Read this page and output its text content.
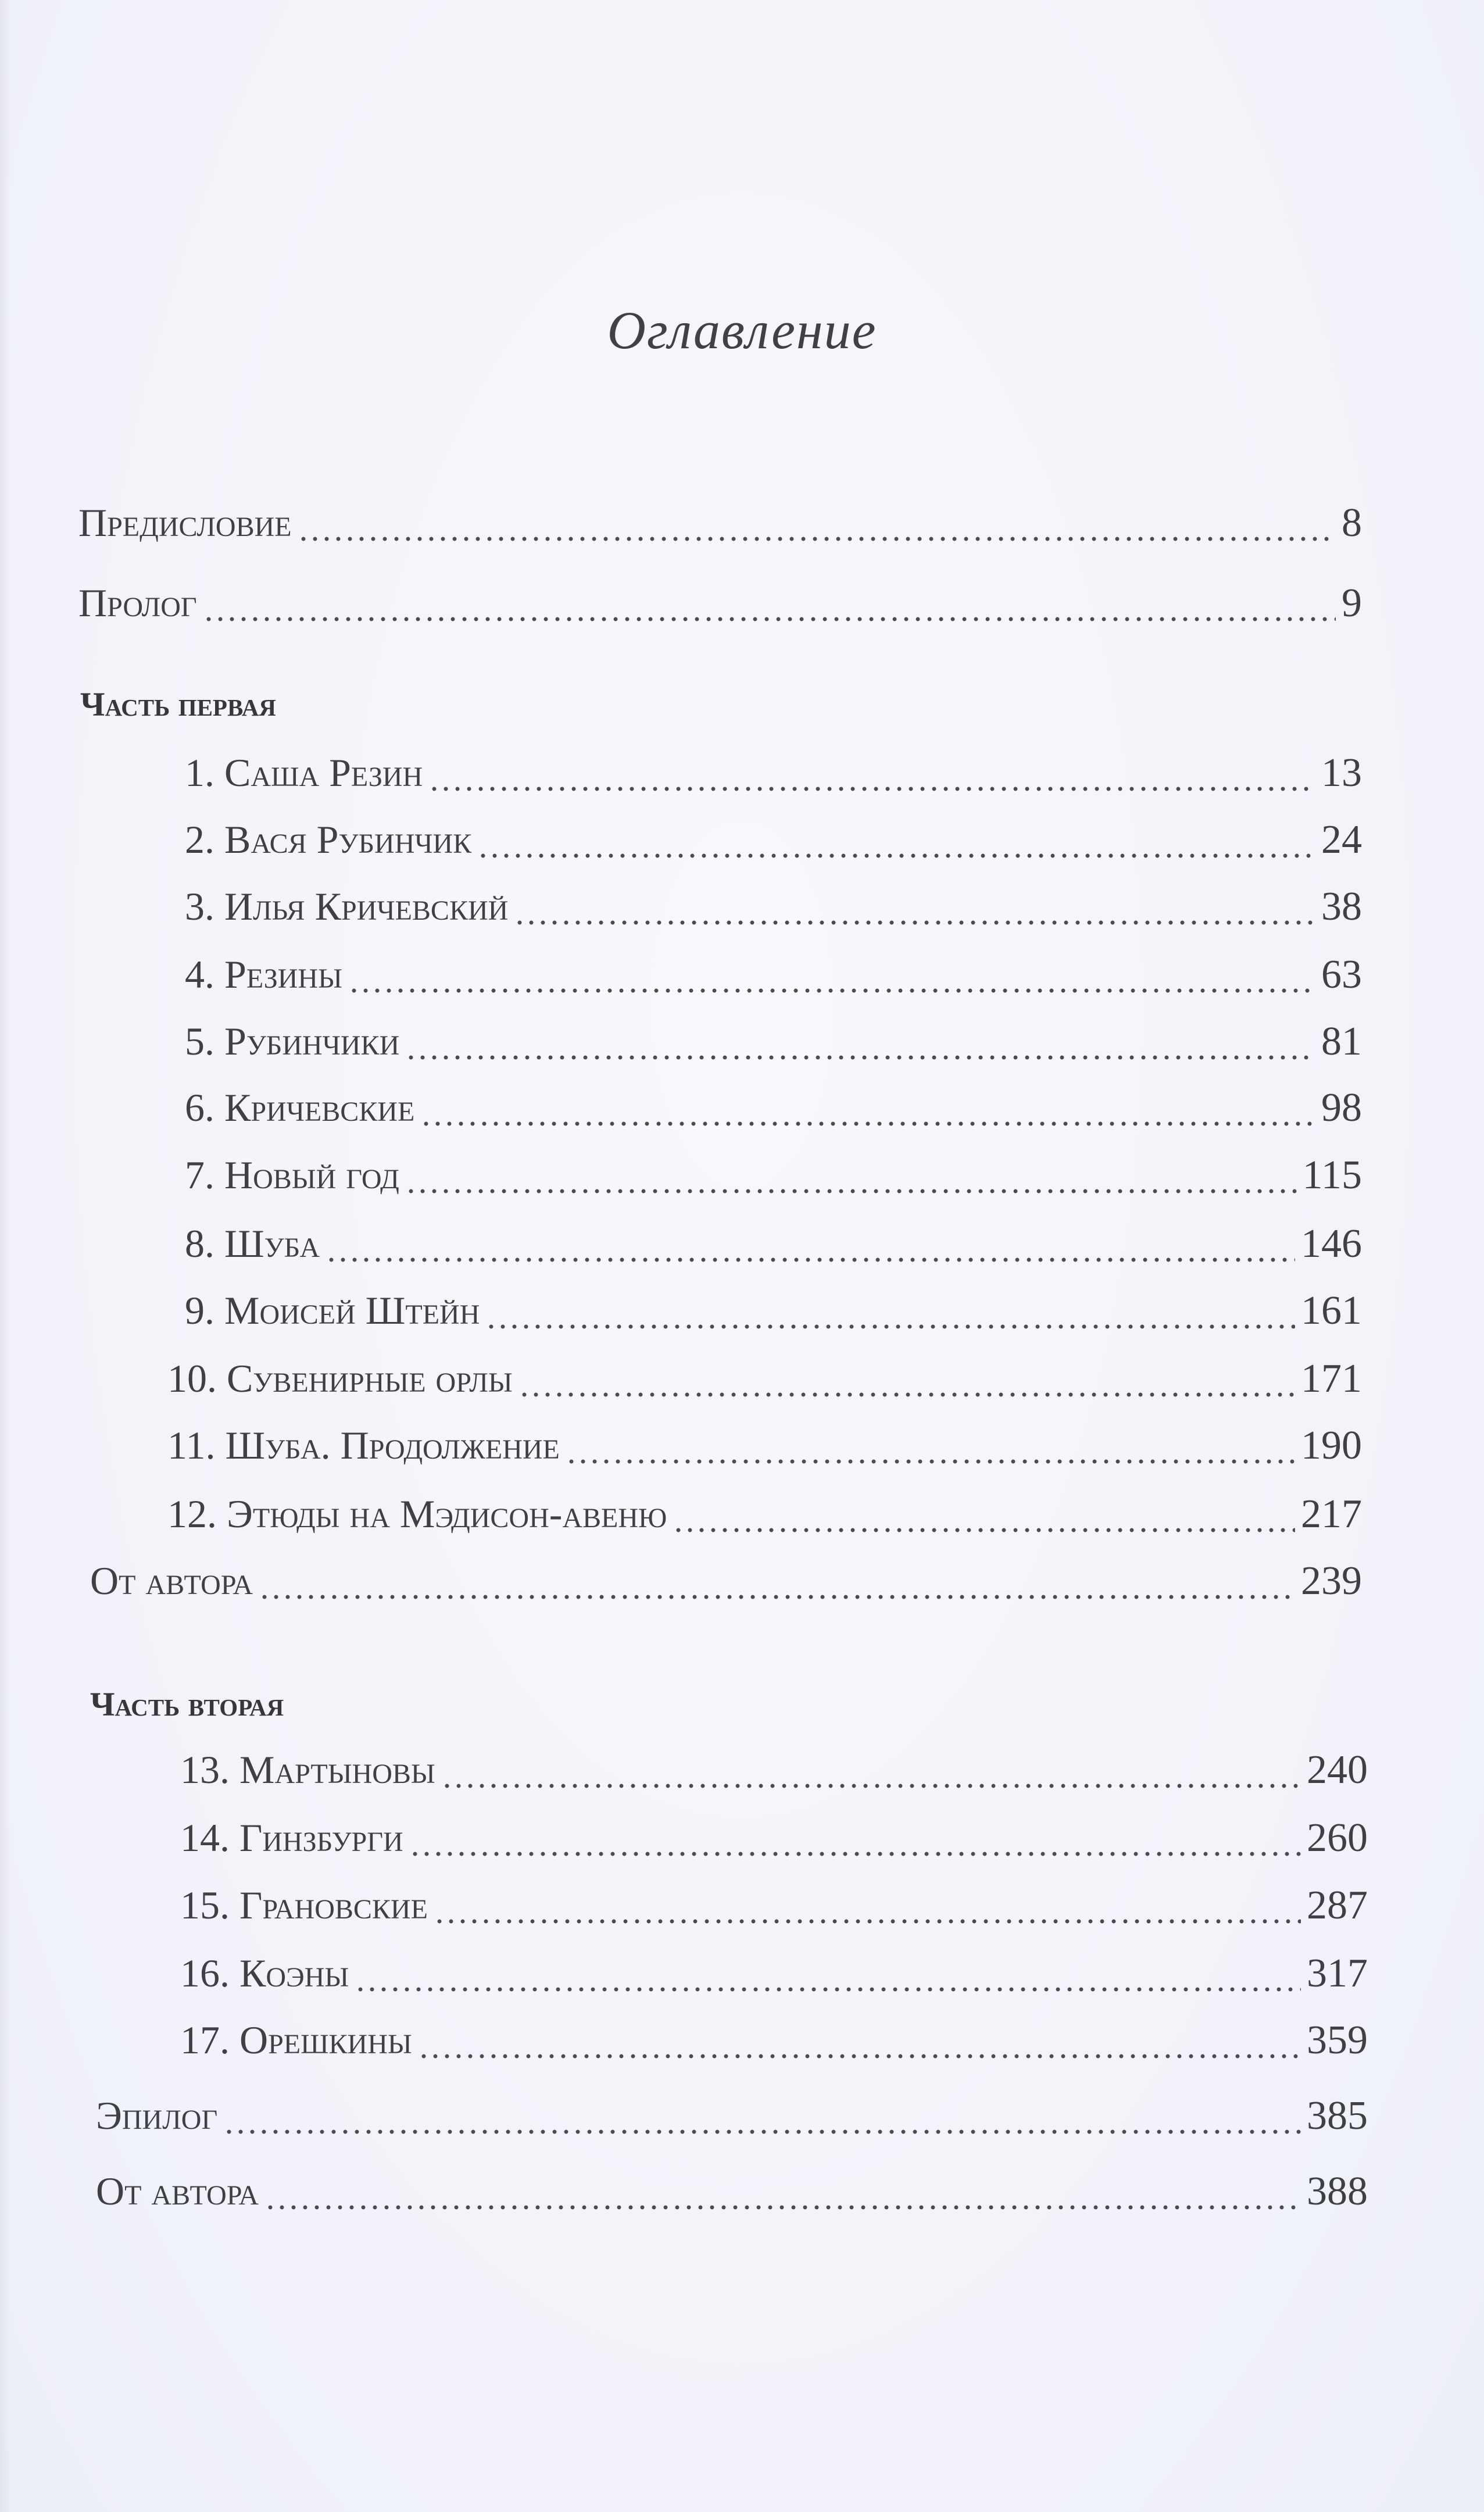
Оглавление
Предисловие	8
Пролог	9
Часть первая
1. Саша Резин	13
2. Вася Рубинчик	24
3. Илья Кричевский	38
4. Резины	63
5. Рубинчики	81
6. Кричевские	98
7. Новый год	115
8. Шуба	146
9. Моисей Штейн	161
10. Сувенирные орлы	171
11. Шуба. Продолжение	190
12. Этюды на Мэдисон-авеню	217
От автора	239
Часть вторая
13. Мартыновы	240
14. Гинзбурги	260
15. Грановские	287
16. Коэны	317
17. Орешкины	359
Эпилог	385
От автора	388
